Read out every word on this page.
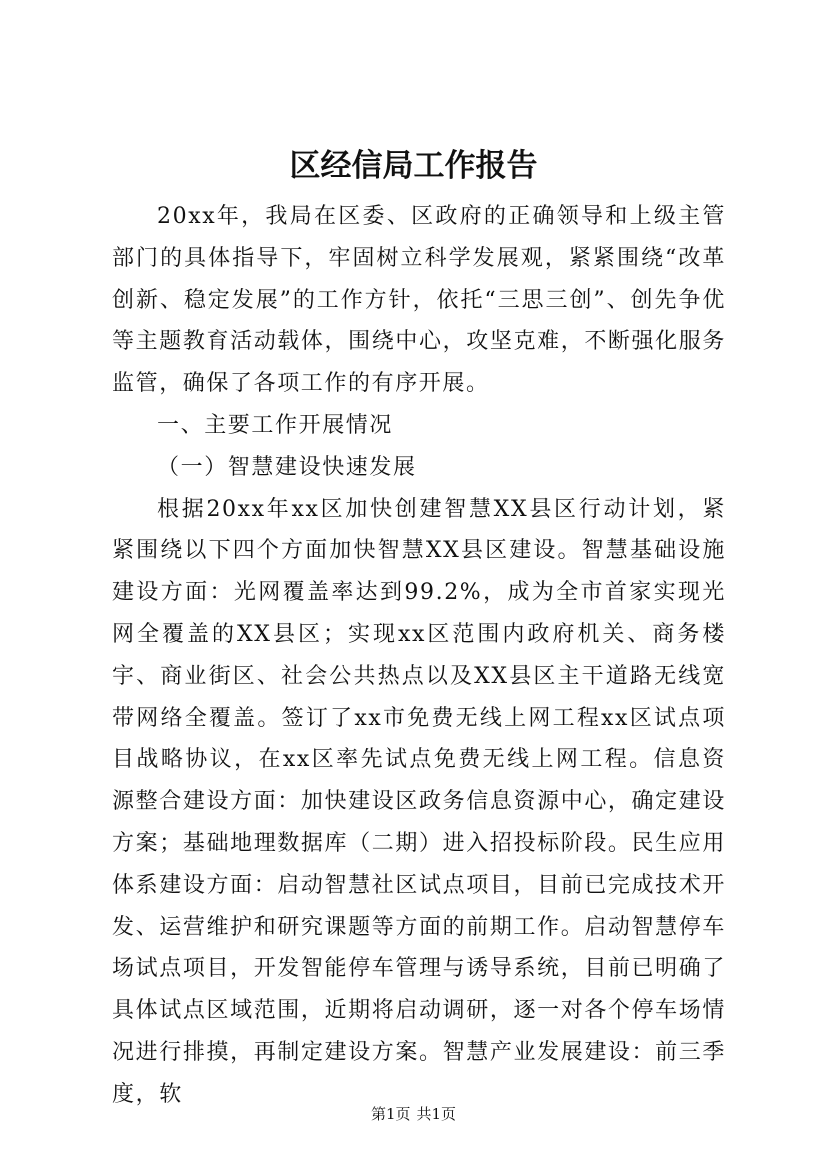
区经信局工作报告

20xx年，我局在区委、区政府的正确领导和上级主管部门的具体指导下，牢固树立科学发展观，紧紧围绕“改革创新、稳定发展”的工作方针，依托“三思三创”、创先争优等主题教育活动载体，围绕中心，攻坚克难，不断强化服务监管，确保了各项工作的有序开展。

一、主要工作开展情况

（一）智慧建设快速发展

根据20xx年xx区加快创建智慧XX县区行动计划，紧紧围绕以下四个方面加快智慧XX县区建设。智慧基础设施建设方面：光网覆盖率达到99.2%，成为全市首家实现光网全覆盖的XX县区；实现xx区范围内政府机关、商务楼宇、商业街区、社会公共热点以及XX县区主干道路无线宽带网络全覆盖。签订了xx市免费无线上网工程xx区试点项目战略协议，在xx区率先试点免费无线上网工程。信息资源整合建设方面：加快建设区政务信息资源中心，确定建设方案；基础地理数据库（二期）进入招投标阶段。民生应用体系建设方面：启动智慧社区试点项目，目前已完成技术开发、运营维护和研究课题等方面的前期工作。启动智慧停车场试点项目，开发智能停车管理与诱导系统，目前已明确了具体试点区域范围，近期将启动调研，逐一对各个停车场情况进行排摸，再制定建设方案。智慧产业发展建设：前三季度，软

第1页 共1页
